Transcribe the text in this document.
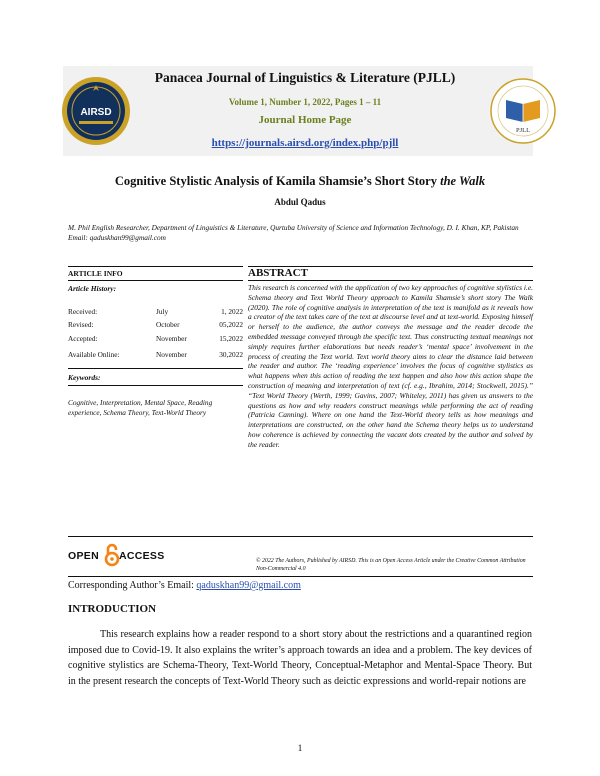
AIRSD
PJLL
Panacea Journal of Linguistics & Literature (PJLL)
Volume 1, Number 1, 2022, Pages 1 – 11
Journal Home Page
https://journals.airsd.org/index.php/pjll
Cognitive Stylistic Analysis of Kamila Shamsie’s Short Story the Walk
Abdul Qadus
M. Phil English Researcher, Department of Linguistics & Literature, Qurtuba University of Science and Information Technology, D. I. Khan, KP, Pakistan Email: qaduskhan99@gmail.com
ARTICLE INFO
Article History:
Received:	July	1, 2022
Revised:	October	05,2022
Accepted:	November	15,2022
Available Online:	November	30,2022
Keywords:
Cognitive, Interpretation, Mental Space, Reading experience, Schema Theory, Text-World Theory
ABSTRACT
This research is concerned with the application of two key approaches of cognitive stylistics i.e. Schema theory and Text World Theory approach to Kamila Shamsie’s short story The Walk (2020). The role of cognitive analysis in interpretation of the text is manifold as it reveals how a creator of the text takes care of the text at discourse level and at text-world. Exposing himself or herself to the audience, the author conveys the message and the reader decode the embedded message conveyed through the specific text. Thus constructing textual meanings not simply requires further elaborations but needs reader’s ‘mental space’ involvement in the process of creating the Text world. Text world theory aims to clear the distance laid between the reader and author. The ‘reading experience’ involves the focus of cognitive stylistics as what happens when this action of reading the text happen and also how this action shape the construction of meaning and interpretation of text (cf. e.g., Ibrahim, 2014; Stockwell, 2015).” “Text World Theory (Werth, 1999; Gavins, 2007; Whiteley, 2011) has given us answers to the questions as how and why readers construct meanings while performing the act of reading (Patricia Canning). Where on one hand the Text-World theory tells us how meanings and interpretations are constructed, on the other hand the Schema theory helps us to understand how coherence is achieved by connecting the vacant dots created by the author and solved by the reader.
OPEN ACCESS	© 2022 The Authors, Published by AIRSD. This is an Open Access Article under the Creative Common Attribution Non-Commercial 4.0
Corresponding Author’s Email: qaduskhan99@gmail.com
INTRODUCTION
This research explains how a reader respond to a short story about the restrictions and a quarantined region imposed due to Covid-19. It also explains the writer’s approach towards an idea and a problem. The key devices of cognitive stylistics are Schema-Theory, Text-World Theory, Conceptual-Metaphor and Mental-Space Theory. But in the present research the concepts of Text-World Theory such as deictic expressions and world-repair notions are
1
